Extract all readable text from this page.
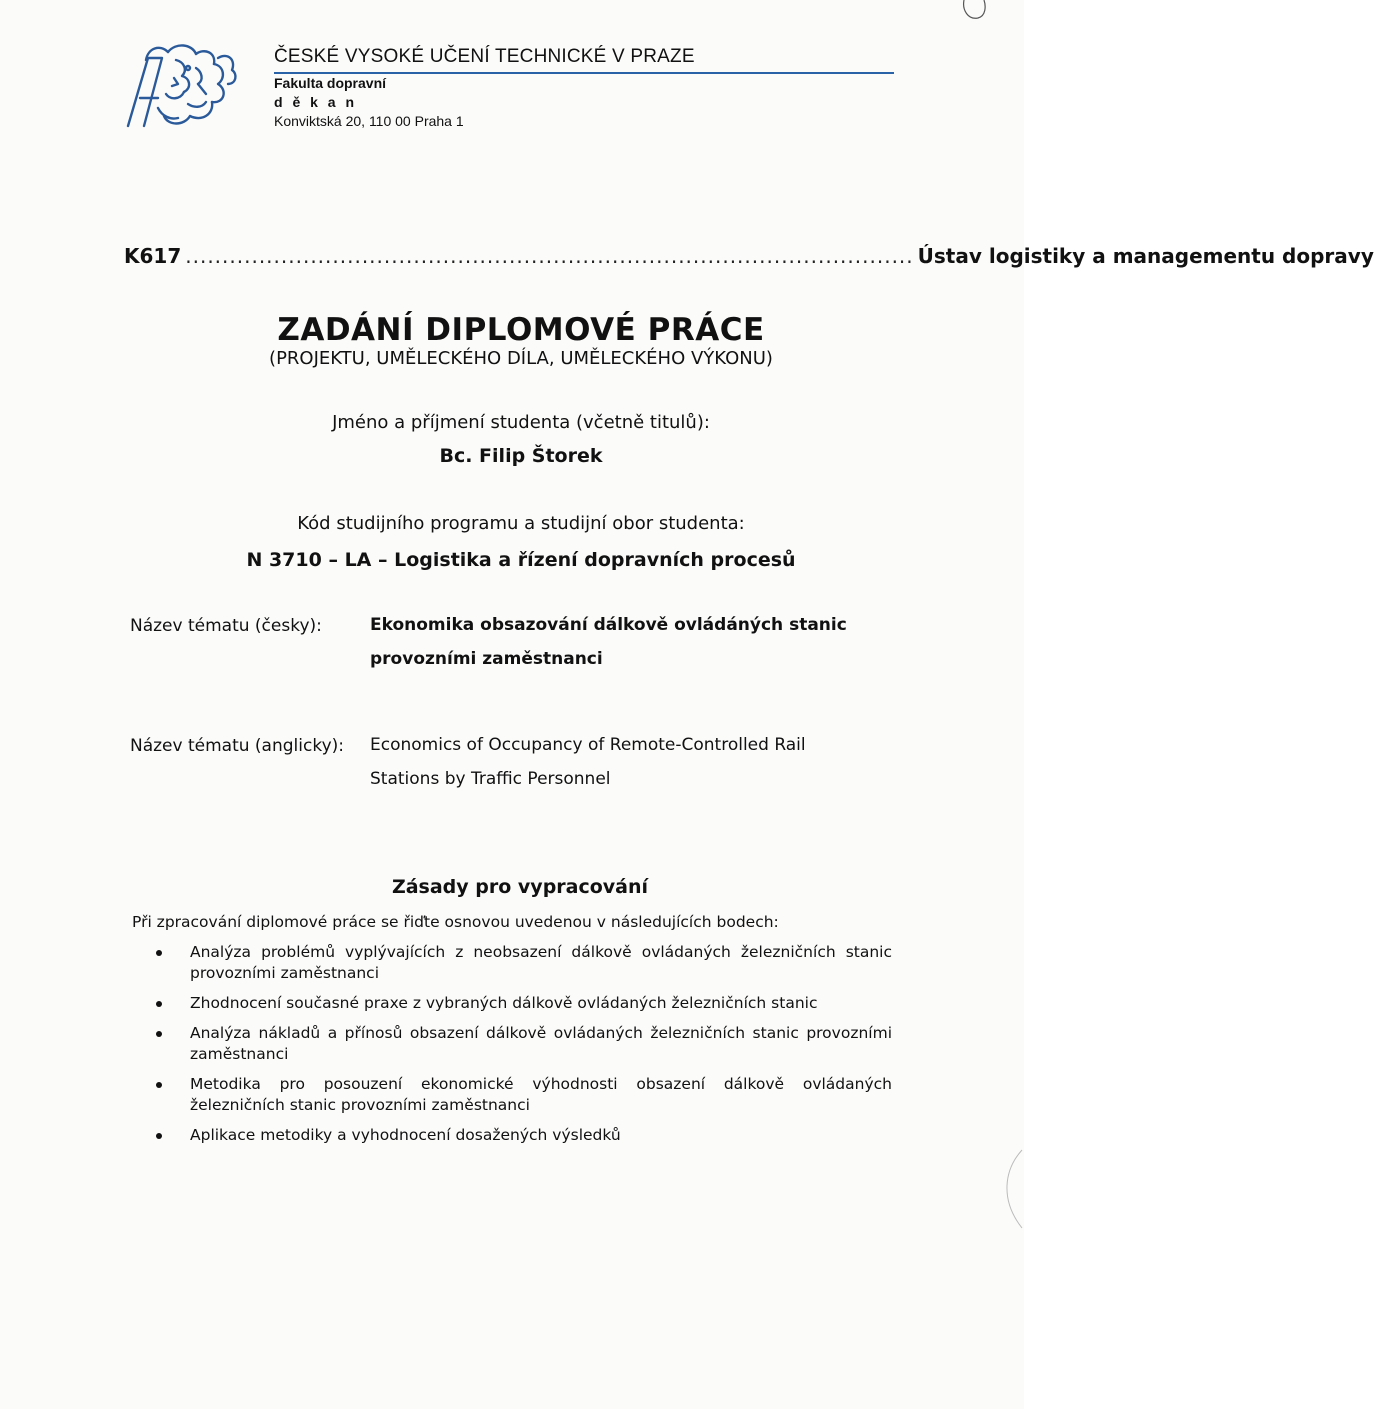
ČESKÉ VYSOKÉ UČENÍ TECHNICKÉ V PRAZE
Fakulta dopravní
d ě k a n
Konviktská 20, 110 00 Praha 1
K617 ................................................................................................... Ústav logistiky a managementu dopravy
ZADÁNÍ DIPLOMOVÉ PRÁCE
(PROJEKTU, UMĚLECKÉHO DÍLA, UMĚLECKÉHO VÝKONU)
Jméno a příjmení studenta (včetně titulů):
Bc. Filip Štorek
Kód studijního programu a studijní obor studenta:
N 3710 – LA – Logistika a řízení dopravních procesů
Název tématu (česky):	Ekonomika obsazování dálkově ovládáných stanic
provozními zaměstnanci
Název tématu (anglicky): Economics of Occupancy of Remote-Controlled Rail
Stations by Traffic Personnel
Zásady pro vypracování
Při zpracování diplomové práce se řiďte osnovou uvedenou v následujících bodech:
Analýza problémů vyplývajících z neobsazení dálkově ovládaných železničních stanic provozními zaměstnanci
Zhodnocení současné praxe z vybraných dálkově ovládaných železničních stanic
Analýza nákladů a přínosů obsazení dálkově ovládaných železničních stanic provozními zaměstnanci
Metodika pro posouzení ekonomické výhodnosti obsazení dálkově ovládaných železničních stanic provozními zaměstnanci
Aplikace metodiky a vyhodnocení dosažených výsledků
